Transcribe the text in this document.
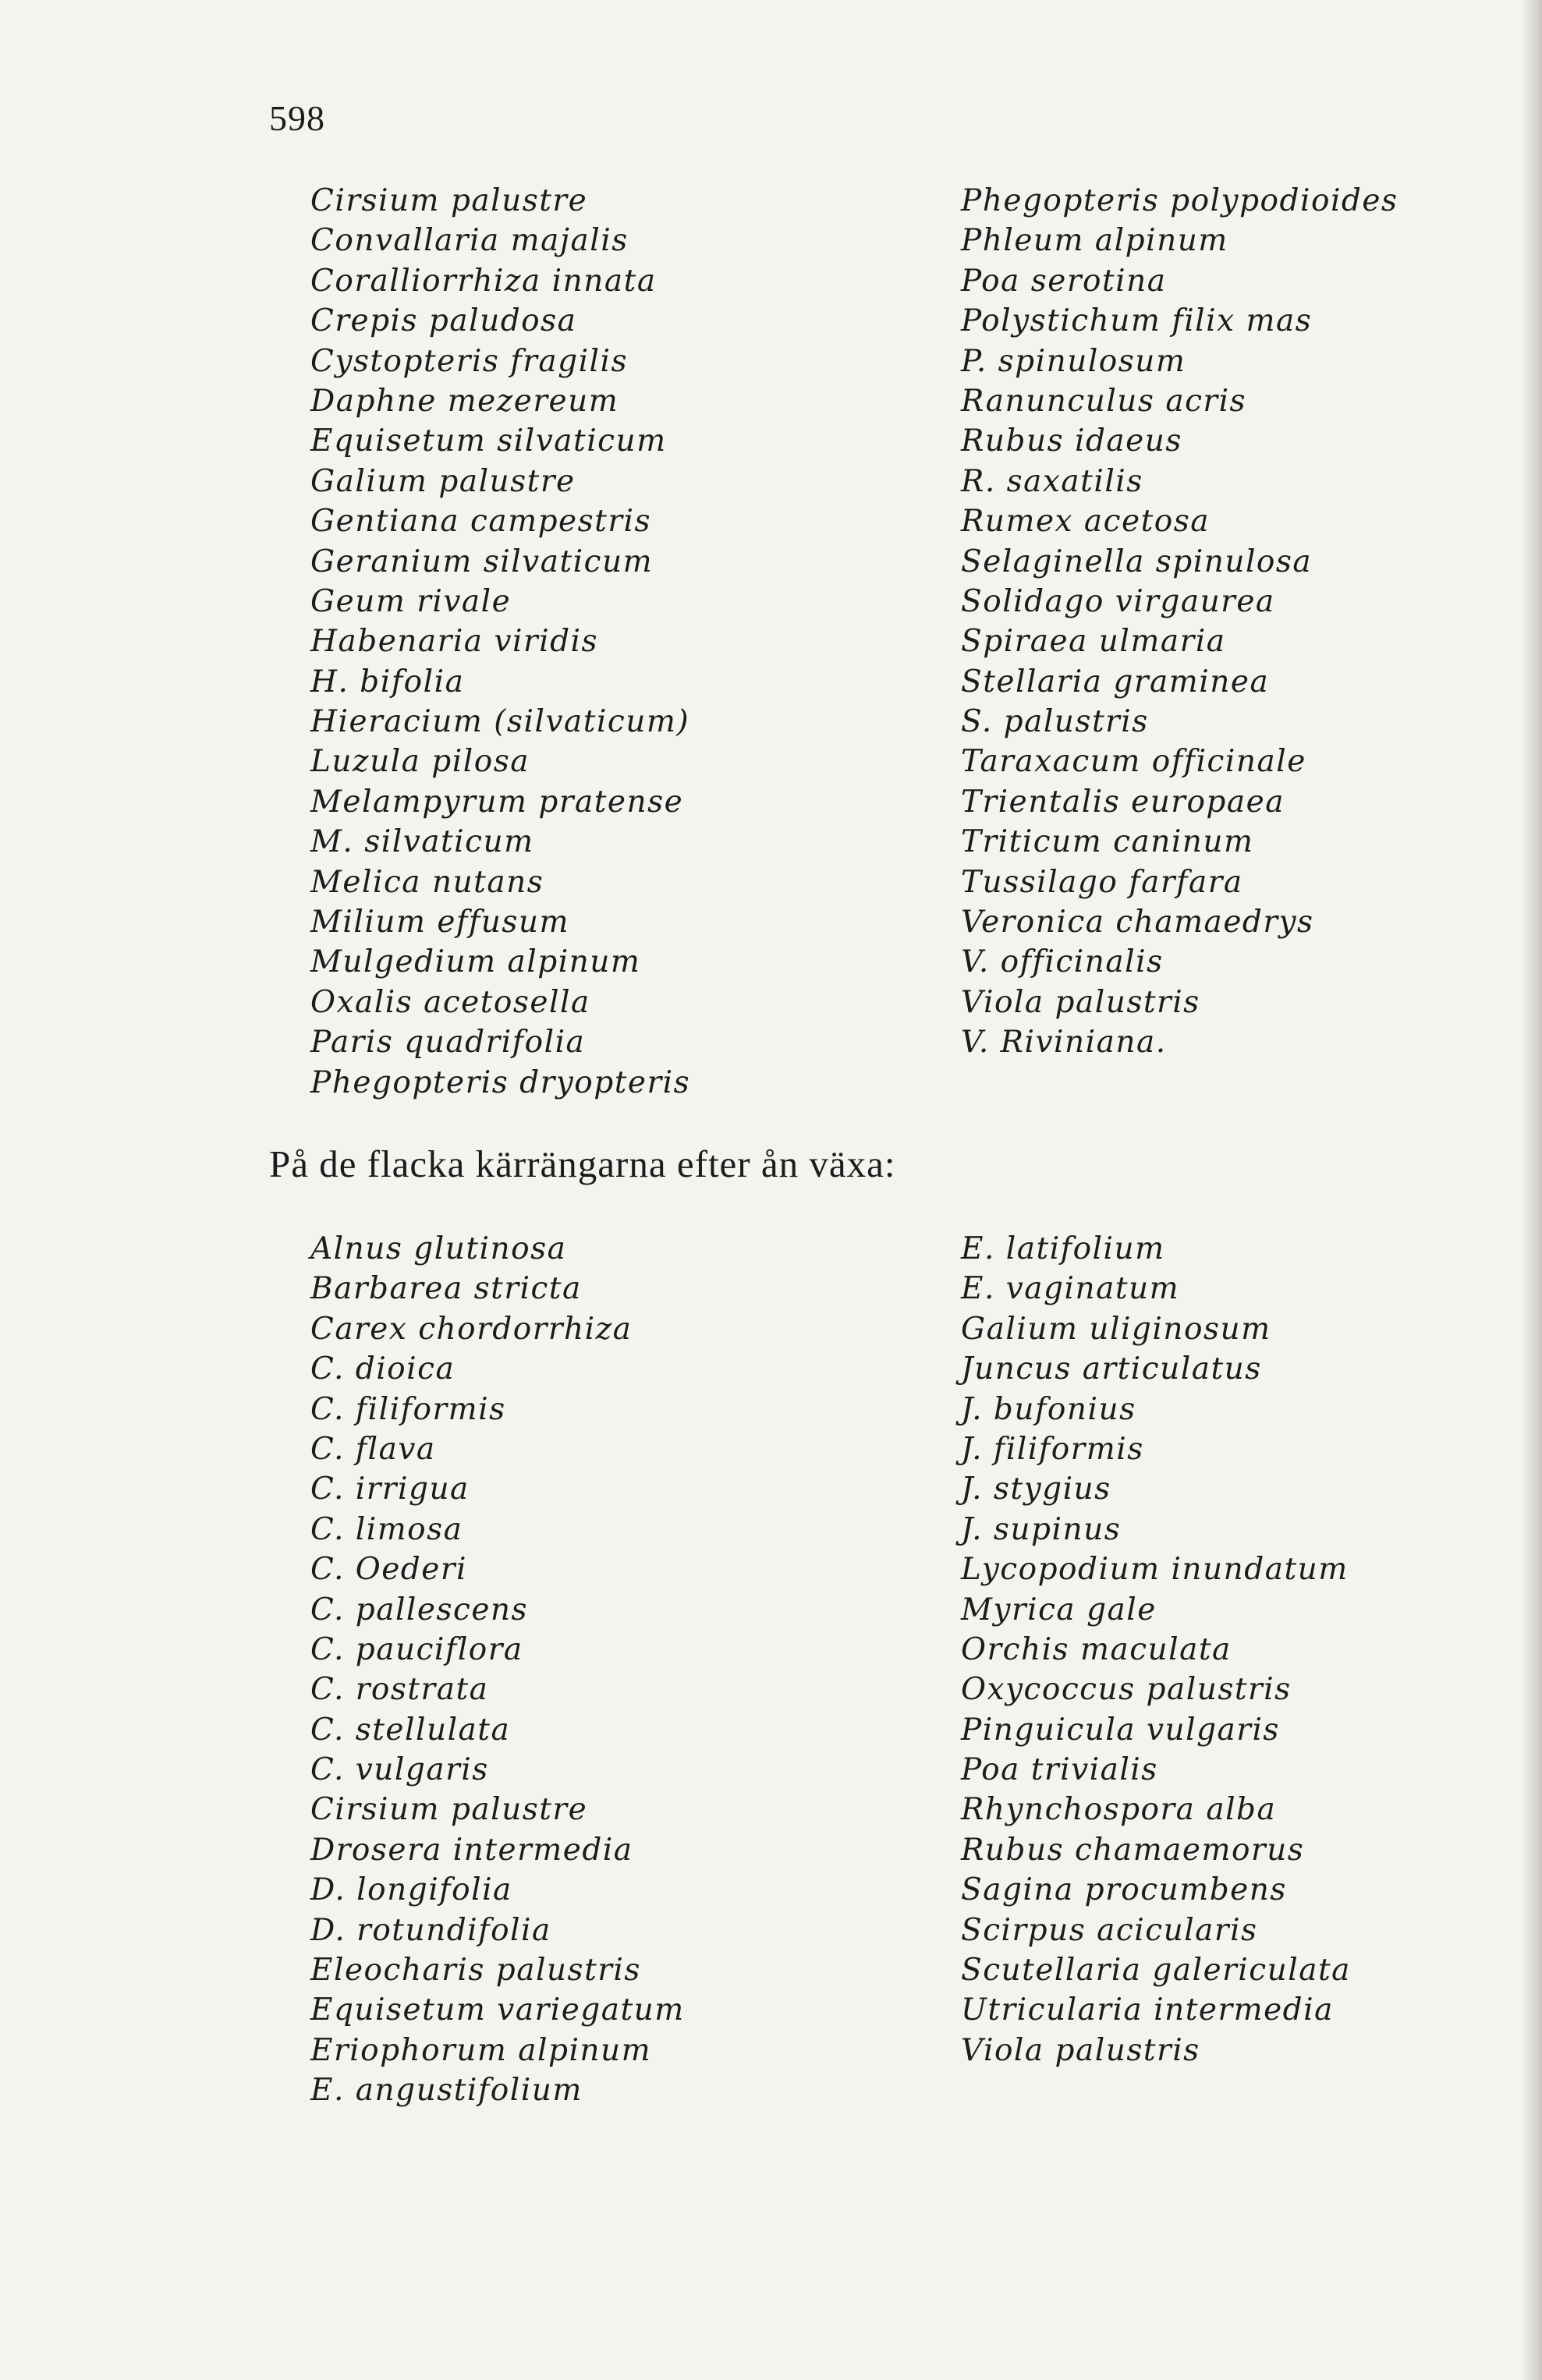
598
Cirsium palustre
Convallaria majalis
Coralliorrhiza innata
Crepis paludosa
Cystopteris fragilis
Daphne mezereum
Equisetum silvaticum
Galium palustre
Gentiana campestris
Geranium silvaticum
Geum rivale
Habenaria viridis
H. bifolia
Hieracium (silvaticum)
Luzula pilosa
Melampyrum pratense
M. silvaticum
Melica nutans
Milium effusum
Mulgedium alpinum
Oxalis acetosella
Paris quadrifolia
Phegopteris dryopteris
Phegopteris polypodioides
Phleum alpinum
Poa serotina
Polystichum filix mas
P. spinulosum
Ranunculus acris
Rubus idaeus
R. saxatilis
Rumex acetosa
Selaginella spinulosa
Solidago virgaurea
Spiraea ulmaria
Stellaria graminea
S. palustris
Taraxacum officinale
Trientalis europaea
Triticum caninum
Tussilago farfara
Veronica chamaedrys
V. officinalis
Viola palustris
V. Riviniana.
På de flacka kärrängarna efter ån växa:
Alnus glutinosa
Barbarea stricta
Carex chordorrhiza
C. dioica
C. filiformis
C. flava
C. irrigua
C. limosa
C. Oederi
C. pallescens
C. pauciflora
C. rostrata
C. stellulata
C. vulgaris
Cirsium palustre
Drosera intermedia
D. longifolia
D. rotundifolia
Eleocharis palustris
Equisetum variegatum
Eriophorum alpinum
E. angustifolium
E. latifolium
E. vaginatum
Galium uliginosum
Juncus articulatus
J. bufonius
J. filiformis
J. stygius
J. supinus
Lycopodium inundatum
Myrica gale
Orchis maculata
Oxycoccus palustris
Pinguicula vulgaris
Poa trivialis
Rhynchospora alba
Rubus chamaemorus
Sagina procumbens
Scirpus acicularis
Scutellaria galericulata
Utricularia intermedia
Viola palustris
